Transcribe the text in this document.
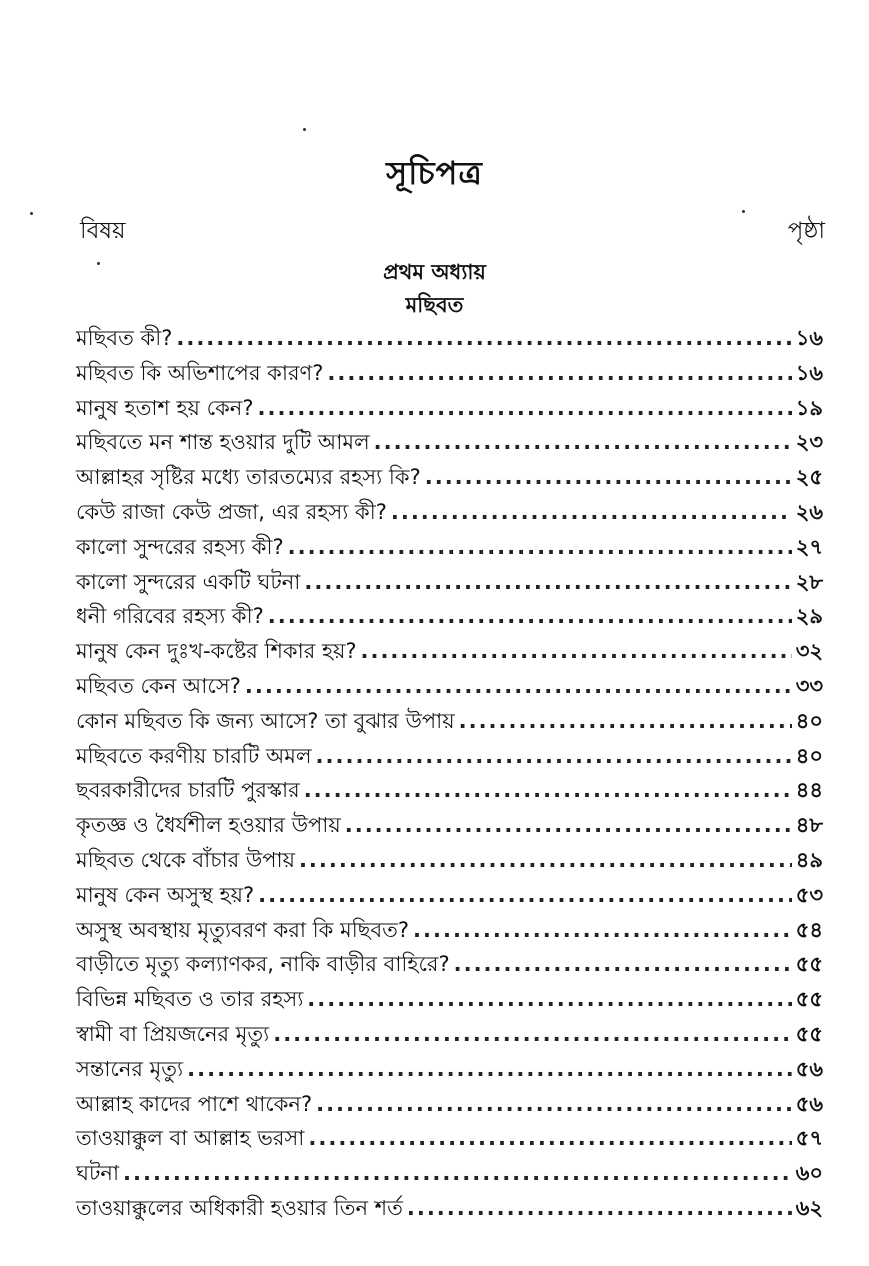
সূচিপত্র
বিষয়	পৃষ্ঠা
প্রথম অধ্যায়
মছিবত
মছিবত কী? .....	১৬
মছিবত কি অভিশাপের কারণ? .....	১৬
মানুষ হতাশ হয় কেন? .....	১৯
মছিবতে মন শান্ত হওয়ার দুটি আমল .....	২৩
আল্লাহর সৃষ্টির মধ্যে তারতম্যের রহস্য কি? .....	২৫
কেউ রাজা কেউ প্রজা, এর রহস্য কী? .....	২৬
কালো সুন্দরের রহস্য কী? .....	২৭
কালো সুন্দরের একটি ঘটনা .....	২৮
ধনী গরিবের রহস্য কী? .....	২৯
মানুষ কেন দুঃখ-কষ্টের শিকার হয়? .....	৩২
মছিবত কেন আসে? .....	৩৩
কোন মছিবত কি জন্য আসে? তা বুঝার উপায় .....	৪০
মছিবতে করণীয় চারটি অমল .....	৪০
ছবরকারীদের চারটি পুরস্কার .....	৪৪
কৃতজ্ঞ ও ধৈর্যশীল হওয়ার উপায় .....	৪৮
মছিবত থেকে বাঁচার উপায় .....	৪৯
মানুষ কেন অসুস্থ হয়? .....	৫৩
অসুস্থ অবস্থায় মৃত্যুবরণ করা কি মছিবত? .....	৫৪
বাড়ীতে মৃত্যু কল্যাণকর, নাকি বাড়ীর বাহিরে? .....	৫৫
বিভিন্ন মছিবত ও তার রহস্য .....	৫৫
স্বামী বা প্রিয়জনের মৃত্যু .....	৫৫
সন্তানের মৃত্যু .....	৫৬
আল্লাহ কাদের পাশে থাকেন? .....	৫৬
তাওয়াক্কুল বা আল্লাহ ভরসা .....	৫৭
ঘটনা .....	৬০
তাওয়াক্কুলের অধিকারী হওয়ার তিন শর্ত .....	৬২
